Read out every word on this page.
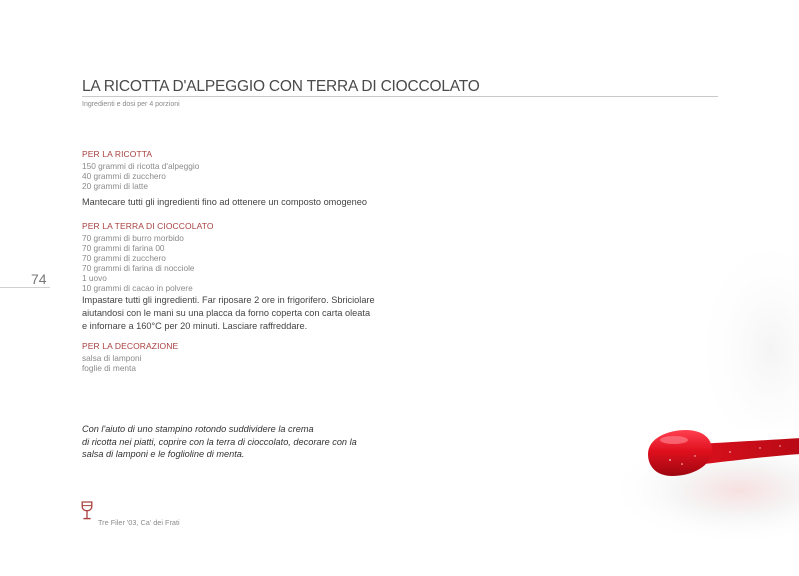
LA RICOTTA D'ALPEGGIO CON TERRA DI CIOCCOLATO
Ingredienti e dosi per 4 porzioni
PER LA RICOTTA
150 grammi di ricotta d'alpeggio
40 grammi di zucchero
20 grammi di latte
Mantecare tutti gli ingredienti fino ad ottenere un composto omogeneo
PER LA TERRA DI CIOCCOLATO
70 grammi di burro morbido
70 grammi di farina 00
70 grammi di zucchero
70 grammi di farina di nocciole
1 uovo
10 grammi di cacao in polvere
Impastare tutti gli ingredienti. Far riposare 2 ore in frigorifero. Sbriciolare
aiutandosi con le mani su una placca da forno coperta con carta oleata
e infornare a 160°C per 20 minuti. Lasciare raffreddare.
PER LA DECORAZIONE
salsa di lamponi
foglie di menta
74
Con l'aiuto di uno stampino rotondo suddividere la crema
di ricotta nei piatti, coprire con la terra di cioccolato, decorare con la
salsa di lamponi e le foglioline di menta.
Tre Filer '03, Ca' dei Frati
